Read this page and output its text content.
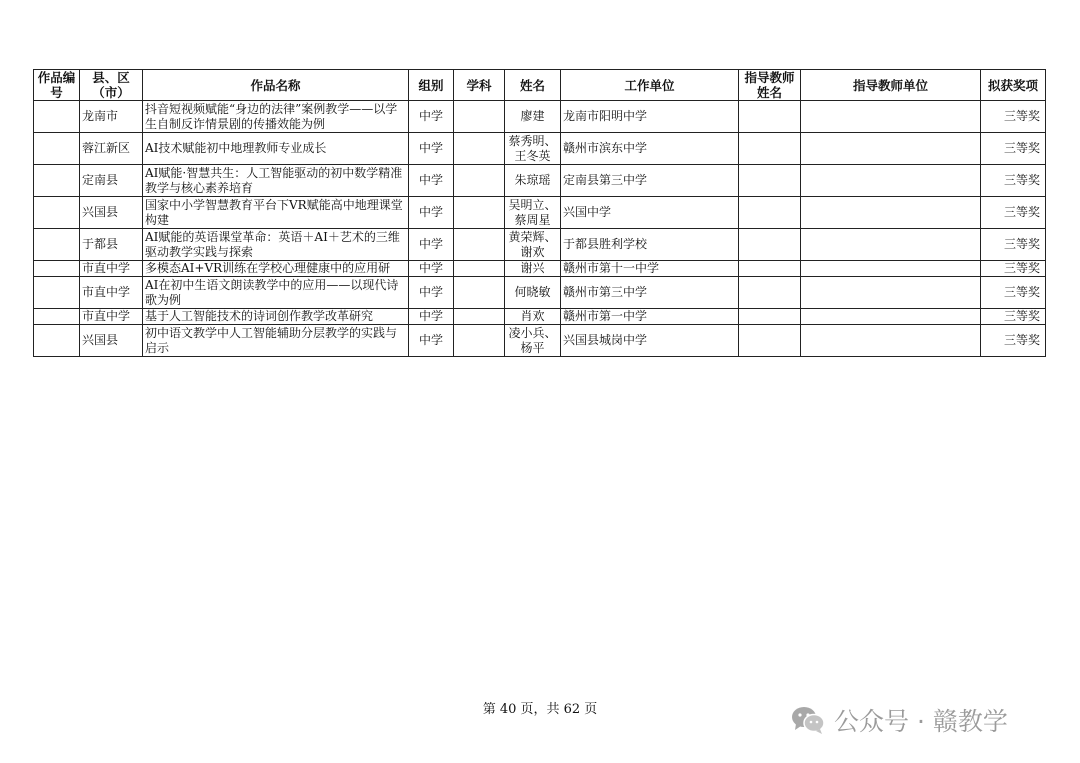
作品编号	县、区（市）	作品名称	组别	学科	姓名	工作单位	指导教师姓名	指导教师单位	拟获奖项
	龙南市	抖音短视频赋能“身边的法律”案例教学——以学生自制反诈情景剧的传播效能为例	中学		廖建	龙南市阳明中学			三等奖
	蓉江新区	AI技术赋能初中地理教师专业成长	中学		蔡秀明、王冬英	赣州市滨东中学			三等奖
	定南县	AI赋能·智慧共生：人工智能驱动的初中数学精准教学与核心素养培育	中学		朱琼瑶	定南县第三中学			三等奖
	兴国县	国家中小学智慧教育平台下VR赋能高中地理课堂构建	中学		吴明立、蔡周星	兴国中学			三等奖
	于都县	AI赋能的英语课堂革命：英语＋AI＋艺术的三维驱动教学实践与探索	中学		黄荣辉、谢欢	于都县胜利学校			三等奖
	市直中学	多模态AI+VR训练在学校心理健康中的应用研	中学		谢兴	赣州市第十一中学			三等奖
	市直中学	AI在初中生语文朗读教学中的应用——以现代诗歌为例	中学		何晓敏	赣州市第三中学			三等奖
	市直中学	基于人工智能技术的诗词创作教学改革研究	中学		肖欢	赣州市第一中学			三等奖
	兴国县	初中语文教学中人工智能辅助分层教学的实践与启示	中学		凌小兵、杨平	兴国县城岗中学			三等奖
第 40 页，共 62 页	公众号 · 赣教学
